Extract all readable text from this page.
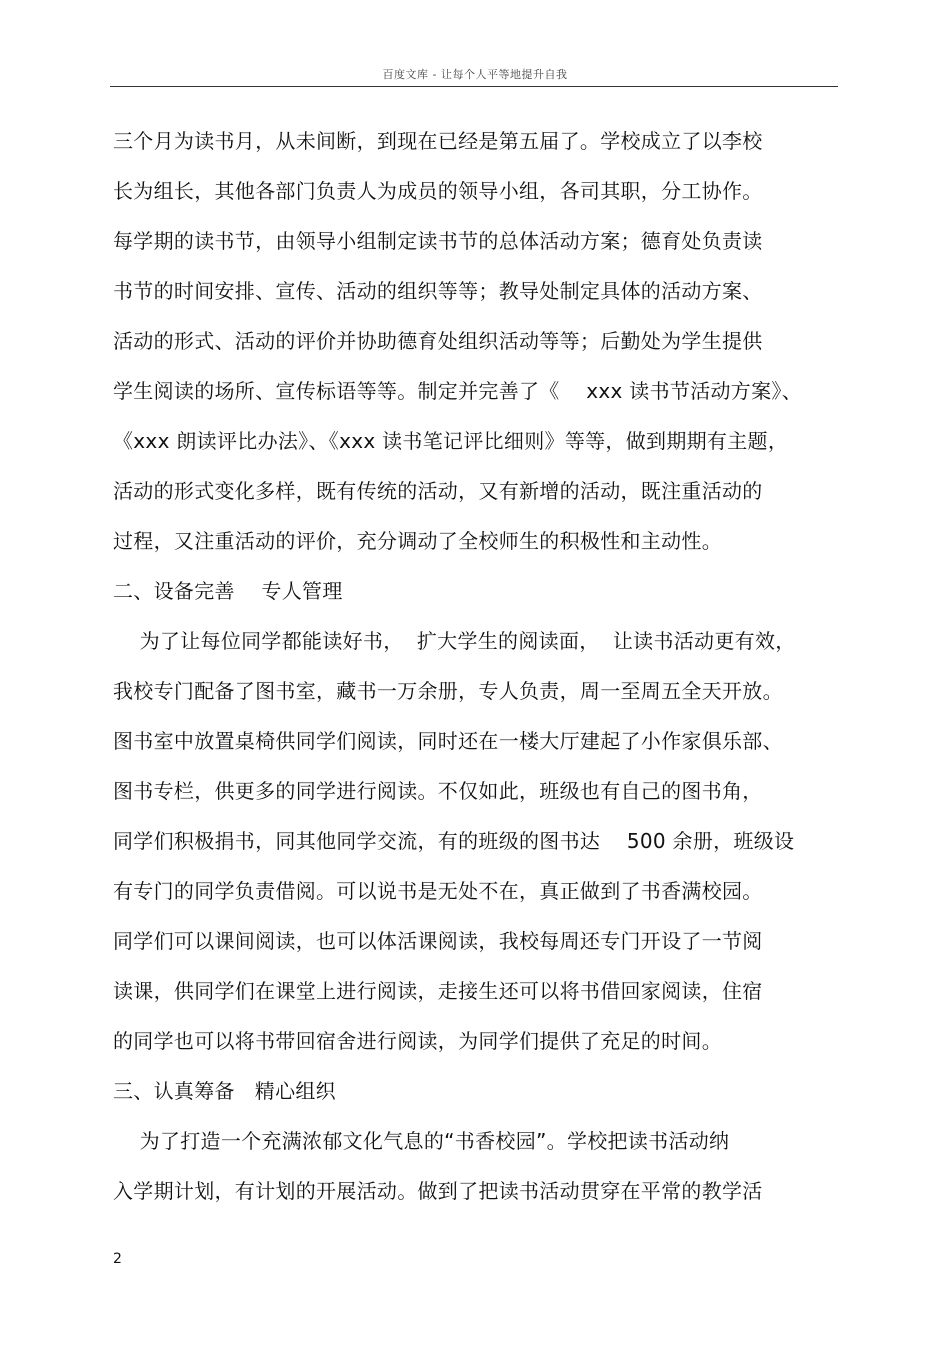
百度文库 - 让每个人平等地提升自我
三个月为读书月，从未间断，到现在已经是第五届了。学校成立了以李校
长为组长，其他各部门负责人为成员的领导小组，各司其职，分工协作。
每学期的读书节，由领导小组制定读书节的总体活动方案；德育处负责读
书节的时间安排、宣传、活动的组织等等；教导处制定具体的活动方案、
活动的形式、活动的评价并协助德育处组织活动等等；后勤处为学生提供
学生阅读的场所、宣传标语等等。制定并完善了《    xxx 读书节活动方案》、
《xxx 朗读评比办法》、《xxx 读书笔记评比细则》等等，做到期期有主题，
活动的形式变化多样，既有传统的活动，又有新增的活动，既注重活动的
过程，又注重活动的评价，充分调动了全校师生的积极性和主动性。
二、设备完善    专人管理
为了让每位同学都能读好书，  扩大学生的阅读面，  让读书活动更有效，
我校专门配备了图书室，藏书一万余册，专人负责，周一至周五全天开放。
图书室中放置桌椅供同学们阅读，同时还在一楼大厅建起了小作家俱乐部、
图书专栏，供更多的同学进行阅读。不仅如此，班级也有自己的图书角，
同学们积极捐书，同其他同学交流，有的班级的图书达    500 余册，班级设
有专门的同学负责借阅。可以说书是无处不在，真正做到了书香满校园。
同学们可以课间阅读，也可以体活课阅读，我校每周还专门开设了一节阅
读课，供同学们在课堂上进行阅读，走接生还可以将书借回家阅读，住宿
的同学也可以将书带回宿舍进行阅读，为同学们提供了充足的时间。
三、认真筹备   精心组织
为了打造一个充满浓郁文化气息的“书香校园”。学校把读书活动纳
入学期计划，有计划的开展活动。做到了把读书活动贯穿在平常的教学活
2
